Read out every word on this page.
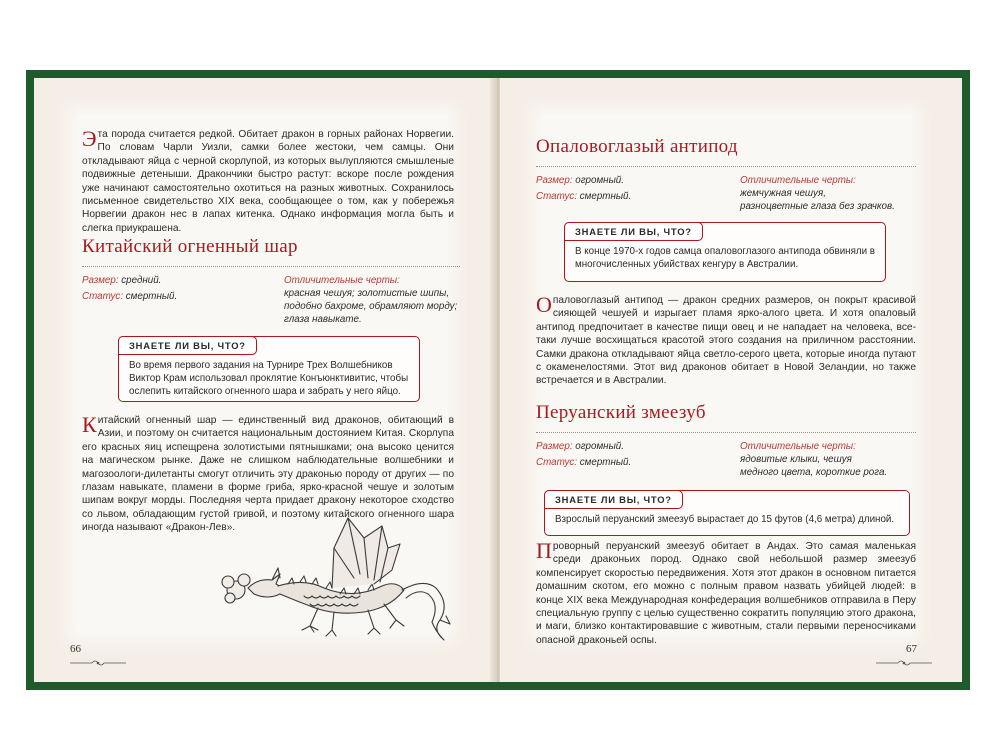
Эта порода считается редкой. Обитает дракон в горных районах Норвегии. По словам Чарли Уизли, самки более жестоки, чем самцы. Они откладывают яйца с черной скорлупой, из которых вылупляются смышленые подвижные детеныши. Дракончики быстро растут: вскоре после рождения уже начинают самостоятельно охотиться на разных животных. Сохранилось письменное свидетельство XIX века, сообщающее о том, как у побережья Норвегии дракон нес в лапах китенка. Однако информация могла быть и слегка приукрашена.

Китайский огненный шар
Размер: средний.
Статус: смертный.
Отличительные черты:
красная чешуя; золотистые шипы,
подобно бахроме, обрамляют морду;
глаза навыкате.
ЗНАЕТЕ ЛИ ВЫ, ЧТО?
Во время первого задания на Турнире Трех Волшебников Виктор Крам использовал проклятие Конъюнктивитис, чтобы ослепить китайского огненного шара и забрать у него яйцо.

Китайский огненный шар — единственный вид драконов, обитающий в Азии, и поэтому он считается национальным достоянием Китая. Скорлупа его красных яиц испещрена золотистыми пятнышками; она высоко ценится на магическом рынке. Даже не слишком наблюдательные волшебники и магозоологи-дилетанты смогут отличить эту драконью породу от других — по глазам навыкате, пламени в форме гриба, ярко-красной чешуе и золотым шипам вокруг морды. Последняя черта придает дракону некоторое сходство со львом, обладающим густой гривой, и поэтому китайского огненного шара иногда называют «Дракон-Лев».

66
Опаловоглазый антипод
Размер: огромный.
Статус: смертный.
Отличительные черты:
жемчужная чешуя,
разноцветные глаза без зрачков.
ЗНАЕТЕ ЛИ ВЫ, ЧТО?
В конце 1970-х годов самца опаловоглазого антипода обвиняли в многочисленных убийствах кенгуру в Австралии.

Опаловоглазый антипод — дракон средних размеров, он покрыт красивой сияющей чешуей и изрыгает пламя ярко-алого цвета. И хотя опаловый антипод предпочитает в качестве пищи овец и не нападает на человека, все-таки лучше восхищаться красотой этого создания на приличном расстоянии. Самки дракона откладывают яйца светло-серого цвета, которые иногда путают с окаменелостями. Этот вид драконов обитает в Новой Зеландии, но также встречается и в Австралии.

Перуанский змеезуб
Размер: огромный.
Статус: смертный.
Отличительные черты:
ядовитые клыки, чешуя
медного цвета, короткие рога.
ЗНАЕТЕ ЛИ ВЫ, ЧТО?
Взрослый перуанский змеезуб вырастает до 15 футов (4,6 метра) длиной.

Проворный перуанский змеезуб обитает в Андах. Это самая маленькая среди драконьих пород. Однако свой небольшой размер змеезуб компенсирует скоростью передвижения. Хотя этот дракон в основном питается домашним скотом, его можно с полным правом назвать убийцей людей: в конце XIX века Международная конфедерация волшебников отправила в Перу специальную группу с целью существенно сократить популяцию этого дракона, и маги, близко контактировавшие с животным, стали первыми переносчиками опасной драконьей оспы.

67
